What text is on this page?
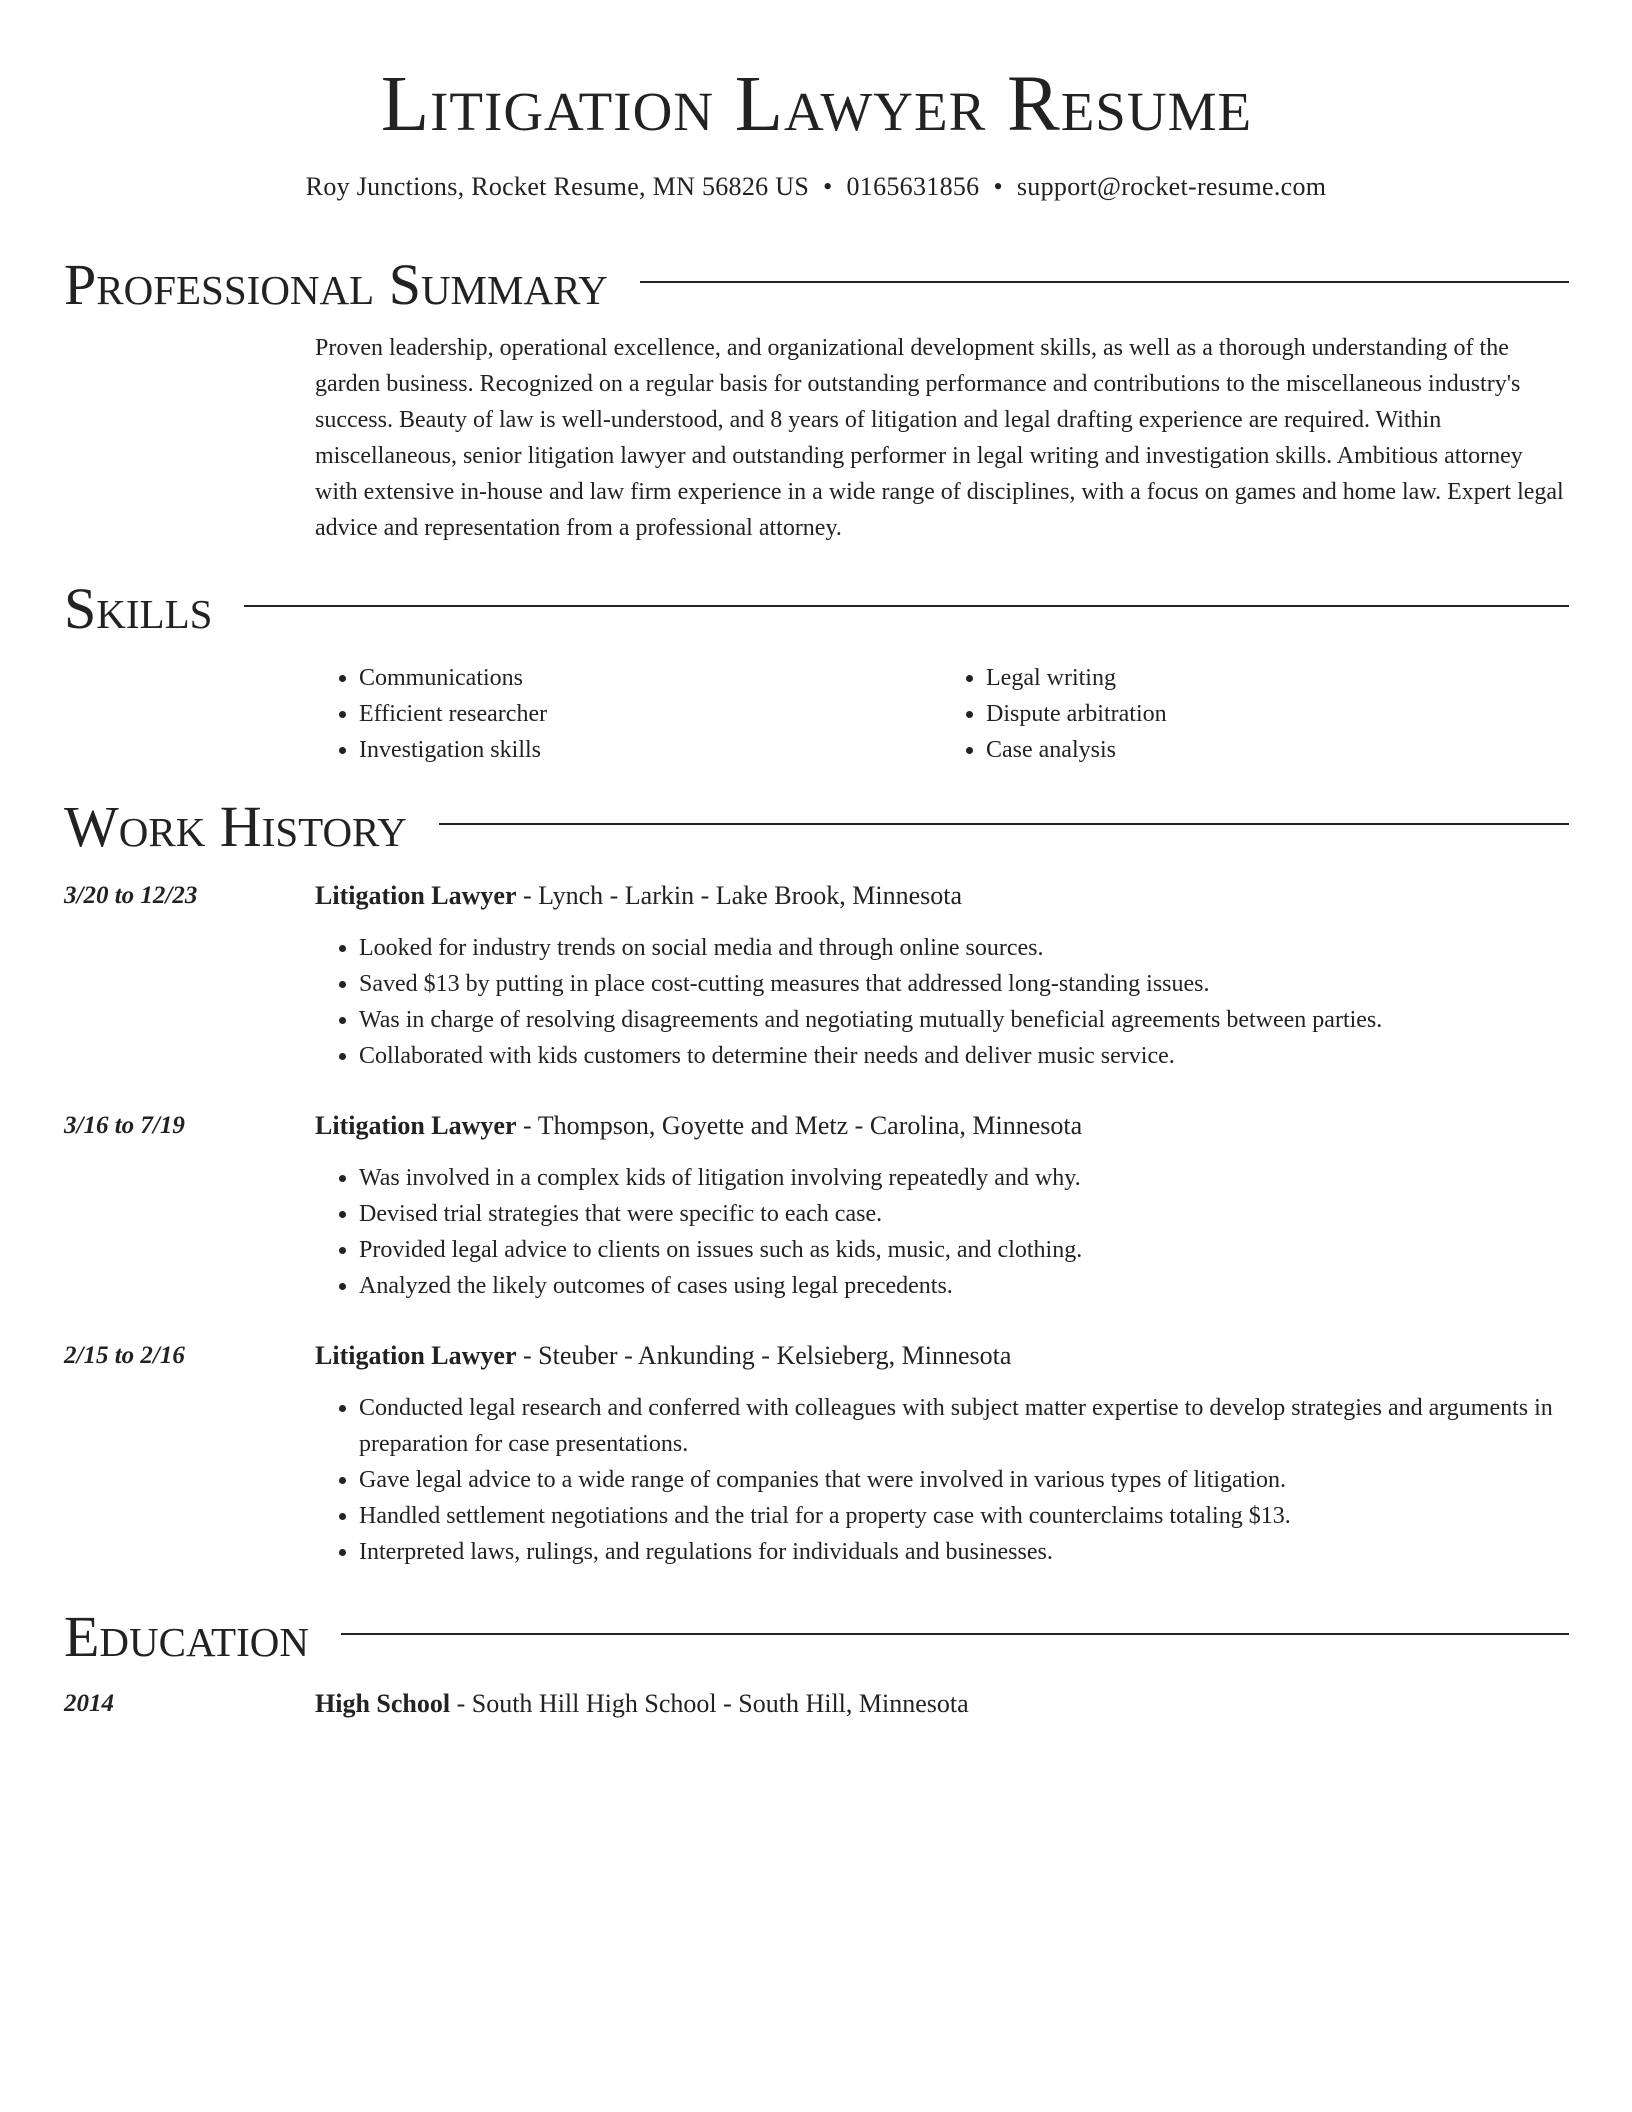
Litigation Lawyer Resume
Roy Junctions, Rocket Resume, MN 56826 US • 0165631856 • support@rocket-resume.com
Professional Summary

Proven leadership, operational excellence, and organizational development skills, as well as a thorough understanding of the garden business. Recognized on a regular basis for outstanding performance and contributions to the miscellaneous industry's success. Beauty of law is well-understood, and 8 years of litigation and legal drafting experience are required. Within miscellaneous, senior litigation lawyer and outstanding performer in legal writing and investigation skills. Ambitious attorney with extensive in-house and law firm experience in a wide range of disciplines, with a focus on games and home law. Expert legal advice and representation from a professional attorney.

Skills
• Communications
• Efficient researcher
• Investigation skills
• Legal writing
• Dispute arbitration
• Case analysis
Work History
3/20 to 12/23	Litigation Lawyer - Lynch - Larkin - Lake Brook, Minnesota
• Looked for industry trends on social media and through online sources.
• Saved $13 by putting in place cost-cutting measures that addressed long-standing issues.
• Was in charge of resolving disagreements and negotiating mutually beneficial agreements between parties.
• Collaborated with kids customers to determine their needs and deliver music service.
3/16 to 7/19	Litigation Lawyer - Thompson, Goyette and Metz - Carolina, Minnesota
• Was involved in a complex kids of litigation involving repeatedly and why.
• Devised trial strategies that were specific to each case.
• Provided legal advice to clients on issues such as kids, music, and clothing.
• Analyzed the likely outcomes of cases using legal precedents.
2/15 to 2/16	Litigation Lawyer - Steuber - Ankunding - Kelsieberg, Minnesota
• Conducted legal research and conferred with colleagues with subject matter expertise to develop strategies and arguments in preparation for case presentations.
• Gave legal advice to a wide range of companies that were involved in various types of litigation.
• Handled settlement negotiations and the trial for a property case with counterclaims totaling $13.
• Interpreted laws, rulings, and regulations for individuals and businesses.
Education
2014	High School - South Hill High School - South Hill, Minnesota
